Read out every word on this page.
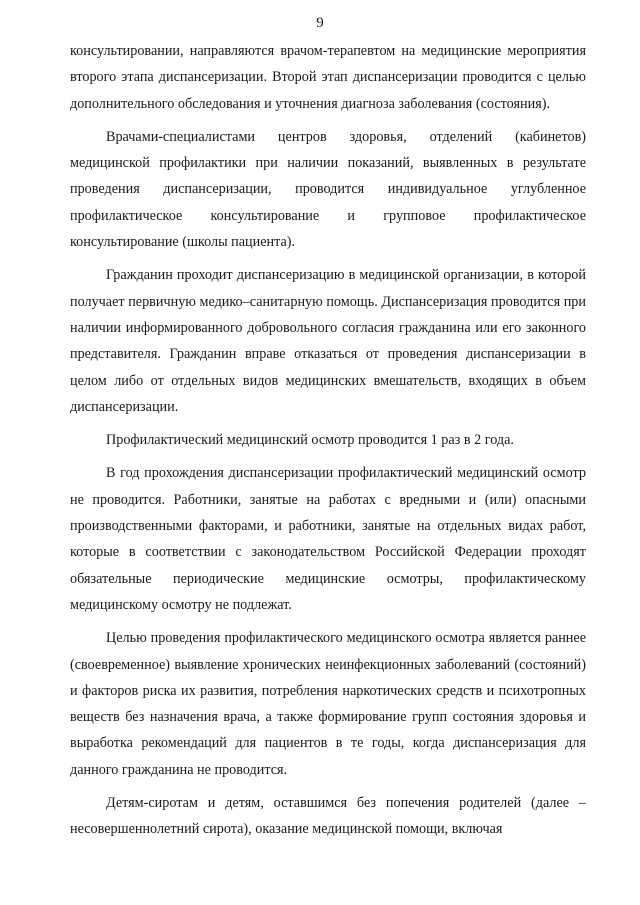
9

консультировании, направляются врачом-терапевтом на медицинские мероприятия второго этапа диспансеризации. Второй этап диспансеризации проводится с целью дополнительного обследования и уточнения диагноза заболевания (состояния).

Врачами-специалистами центров здоровья, отделений (кабинетов) медицинской профилактики при наличии показаний, выявленных в результате проведения диспансеризации, проводится индивидуальное углубленное профилактическое консультирование и групповое профилактическое консультирование (школы пациента).

Гражданин проходит диспансеризацию в медицинской организации, в которой получает первичную медико–санитарную помощь. Диспансеризация проводится при наличии информированного добровольного согласия гражданина или его законного представителя. Гражданин вправе отказаться от проведения диспансеризации в целом либо от отдельных видов медицинских вмешательств, входящих в объем диспансеризации.

Профилактический медицинский осмотр проводится 1 раз в 2 года.

В год прохождения диспансеризации профилактический медицинский осмотр не проводится. Работники, занятые на работах с вредными и (или) опасными производственными факторами, и работники, занятые на отдельных видах работ, которые в соответствии с законодательством Российской Федерации проходят обязательные периодические медицинские осмотры, профилактическому медицинскому осмотру не подлежат.

Целью проведения профилактического медицинского осмотра является раннее (своевременное) выявление хронических неинфекционных заболеваний (состояний) и факторов риска их развития, потребления наркотических средств и психотропных веществ без назначения врача, а также формирование групп состояния здоровья и выработка рекомендаций для пациентов в те годы, когда диспансеризация для данного гражданина не проводится.

Детям-сиротам и детям, оставшимся без попечения родителей (далее – несовершеннолетний сирота), оказание медицинской помощи, включая
